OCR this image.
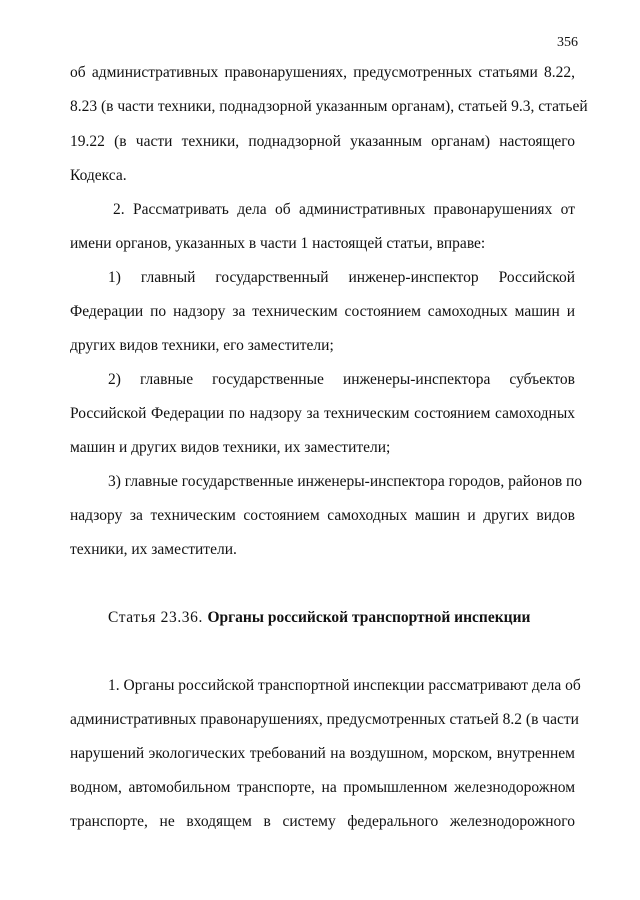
356
об административных правонарушениях, предусмотренных статьями 8.22,
8.23 (в части техники, поднадзорной указанным органам), статьей 9.3, статьей
19.22 (в части техники, поднадзорной указанным органам) настоящего
Кодекса.
2. Рассматривать дела об административных правонарушениях от
имени органов, указанных в части 1 настоящей статьи, вправе:
1) главный государственный инженер-инспектор Российской
Федерации по надзору за техническим состоянием самоходных машин и
других видов техники, его заместители;
2) главные государственные инженеры-инспектора субъектов
Российской Федерации по надзору за техническим состоянием самоходных
машин и других видов техники, их заместители;
3) главные государственные инженеры-инспектора городов, районов по
надзору за техническим состоянием самоходных машин и других видов
техники, их заместители.
1. Органы российской транспортной инспекции рассматривают дела об
административных правонарушениях, предусмотренных статьей 8.2 (в части
нарушений экологических требований на воздушном, морском, внутреннем
водном, автомобильном транспорте, на промышленном железнодорожном
транспорте, не входящем в систему федерального железнодорожного
Статья 23.36. Органы российской транспортной инспекции
